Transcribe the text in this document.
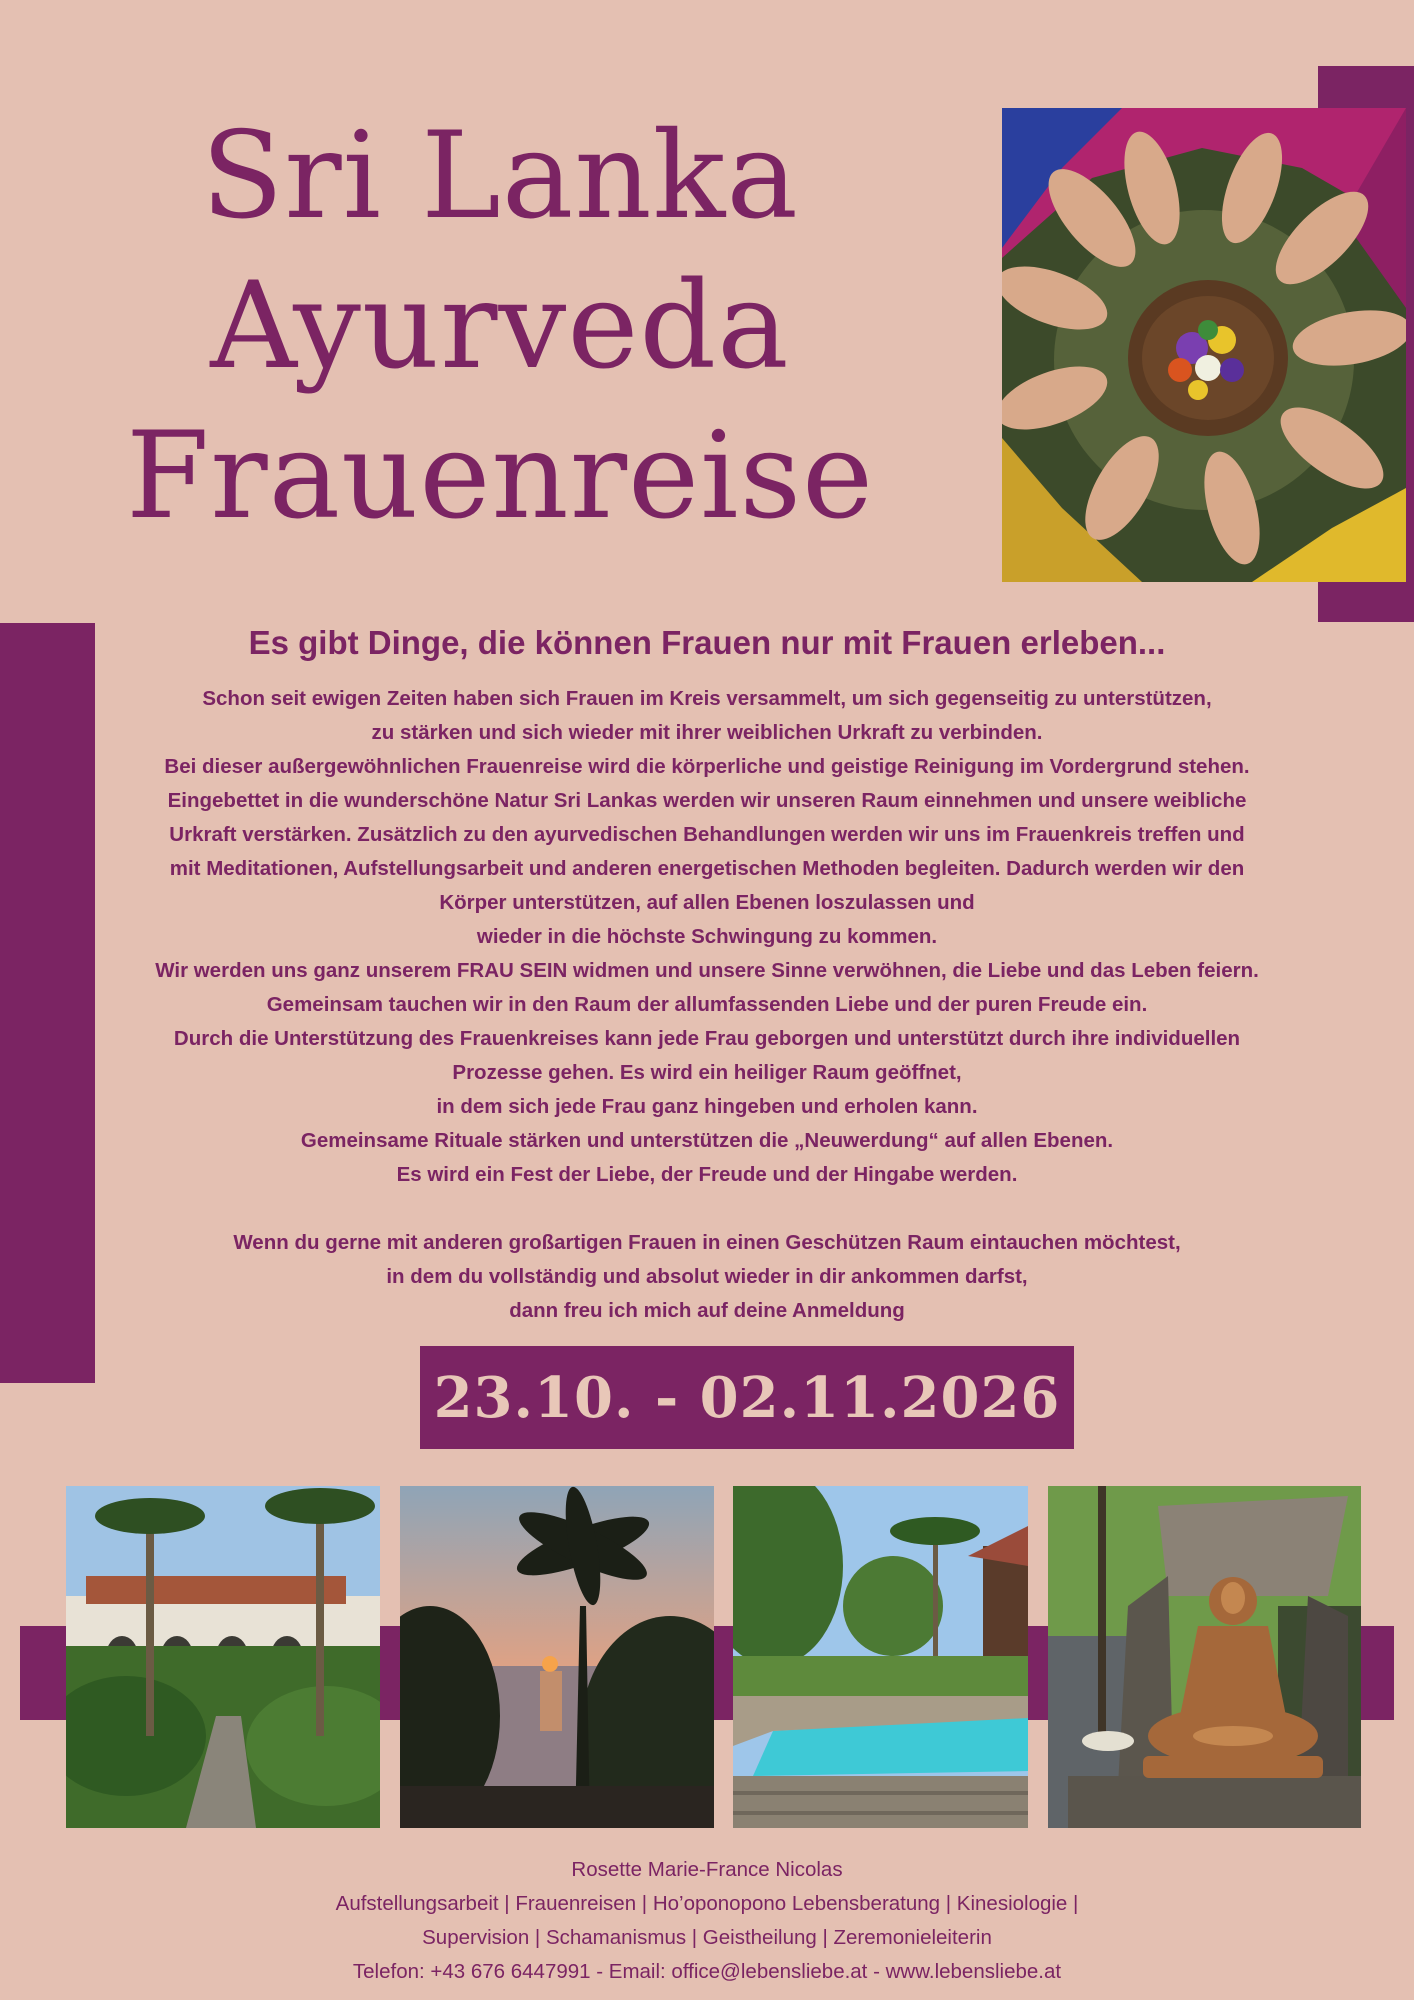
Sri Lanka
Ayurveda
Frauenreise
Es gibt Dinge, die können Frauen nur mit Frauen erleben...
Schon seit ewigen Zeiten haben sich Frauen im Kreis versammelt, um sich gegenseitig zu unterstützen,
zu stärken und sich wieder mit ihrer weiblichen Urkraft zu verbinden.
Bei dieser außergewöhnlichen Frauenreise wird die körperliche und geistige Reinigung im Vordergrund stehen.
Eingebettet in die wunderschöne Natur Sri Lankas werden wir unseren Raum einnehmen und unsere weibliche
Urkraft verstärken. Zusätzlich zu den ayurvedischen Behandlungen werden wir uns im Frauenkreis treffen und
mit Meditationen, Aufstellungsarbeit und anderen energetischen Methoden begleiten. Dadurch werden wir den
Körper unterstützen, auf allen Ebenen loszulassen und
wieder in die höchste Schwingung zu kommen.
Wir werden uns ganz unserem FRAU SEIN widmen und unsere Sinne verwöhnen, die Liebe und das Leben feiern.
Gemeinsam tauchen wir in den Raum der allumfassenden Liebe und der puren Freude ein.
Durch die Unterstützung des Frauenkreises kann jede Frau geborgen und unterstützt durch ihre individuellen
Prozesse gehen. Es wird ein heiliger Raum geöffnet,
in dem sich jede Frau ganz hingeben und erholen kann.
Gemeinsame Rituale stärken und unterstützen die „Neuwerdung“ auf allen Ebenen.
Es wird ein Fest der Liebe, der Freude und der Hingabe werden.
Wenn du gerne mit anderen großartigen Frauen in einen Geschützen Raum eintauchen möchtest,
in dem du vollständig und absolut wieder in dir ankommen darfst,
dann freu ich mich auf deine Anmeldung
23.10. - 02.11.2026
Rosette Marie-France Nicolas
Aufstellungsarbeit | Frauenreisen | Ho’oponopono Lebensberatung | Kinesiologie |
Supervision | Schamanismus | Geistheilung | Zeremonieleiterin
Telefon: +43 676 6447991 - Email: office@lebensliebe.at - www.lebensliebe.at
